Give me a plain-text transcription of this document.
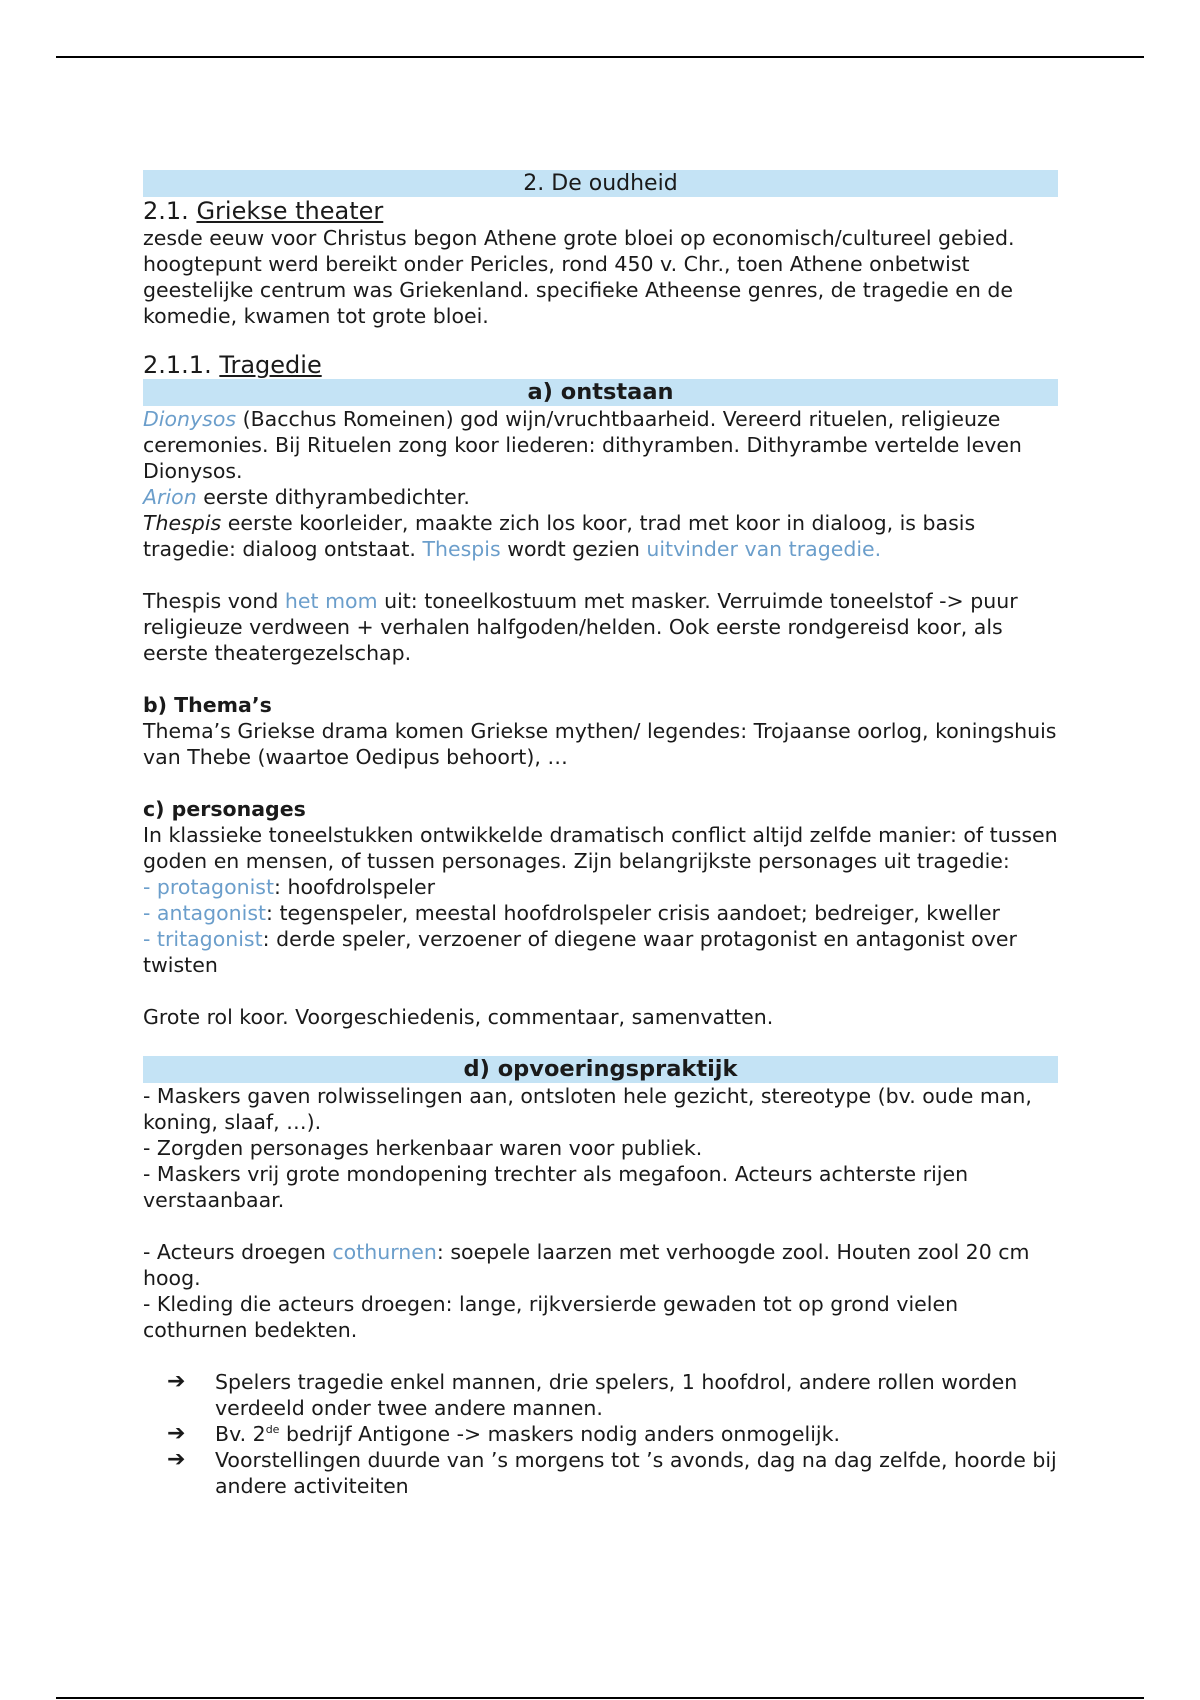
2. De oudheid
2.1. Griekse theater

zesde eeuw voor Christus begon Athene grote bloei op economisch/cultureel gebied. hoogtepunt werd bereikt onder Pericles, rond 450 v. Chr., toen Athene onbetwist geestelijke centrum was Griekenland. specifieke Atheense genres, de tragedie en de komedie, kwamen tot grote bloei.

2.1.1. Tragedie
a) ontstaan

Dionysos (Bacchus Romeinen) god wijn/vruchtbaarheid. Vereerd rituelen, religieuze ceremonies. Bij Rituelen zong koor liederen: dithyramben. Dithyrambe vertelde leven Dionysos.

Arion eerste dithyrambedichter.

Thespis eerste koorleider, maakte zich los koor, trad met koor in dialoog, is basis tragedie: dialoog ontstaat. Thespis wordt gezien uitvinder van tragedie.

Thespis vond het mom uit: toneelkostuum met masker. Verruimde toneelstof -> puur religieuze verdween + verhalen halfgoden/helden. Ook eerste rondgereisd koor, als eerste theatergezelschap.

b) Thema’s

Thema’s Griekse drama komen Griekse mythen/ legendes: Trojaanse oorlog, koningshuis van Thebe (waartoe Oedipus behoort), …

c) personages

In klassieke toneelstukken ontwikkelde dramatisch conflict altijd zelfde manier: of tussen goden en mensen, of tussen personages. Zijn belangrijkste personages uit tragedie:

- protagonist: hoofdrolspeler

- antagonist: tegenspeler, meestal hoofdrolspeler crisis aandoet; bedreiger, kweller

- tritagonist: derde speler, verzoener of diegene waar protagonist en antagonist over twisten

Grote rol koor. Voorgeschiedenis, commentaar, samenvatten.

d) opvoeringspraktijk

- Maskers gaven rolwisselingen aan, ontsloten hele gezicht, stereotype (bv. oude man, koning, slaaf, …).

- Zorgden personages herkenbaar waren voor publiek.

- Maskers vrij grote mondopening trechter als megafoon. Acteurs achterste rijen verstaanbaar.

- Acteurs droegen cothurnen: soepele laarzen met verhoogde zool. Houten zool 20 cm hoog.

- Kleding die acteurs droegen: lange, rijkversierde gewaden tot op grond vielen cothurnen bedekten.

➔ Spelers tragedie enkel mannen, drie spelers, 1 hoofdrol, andere rollen worden verdeeld onder twee andere mannen.
➔ Bv. 2de bedrijf Antigone -> maskers nodig anders onmogelijk.
➔ Voorstellingen duurde van ’s morgens tot ’s avonds, dag na dag zelfde, hoorde bij andere activiteiten
